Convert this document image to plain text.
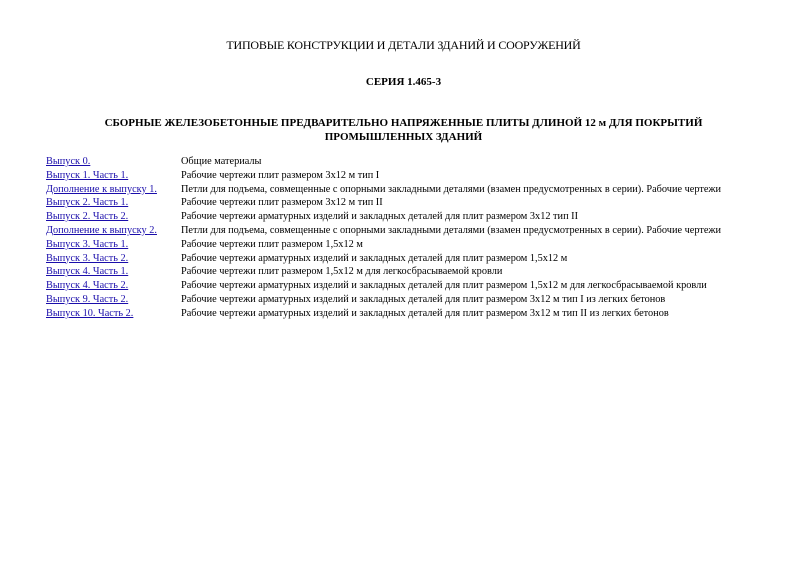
ТИПОВЫЕ КОНСТРУКЦИИ И ДЕТАЛИ ЗДАНИЙ И СООРУЖЕНИЙ
СЕРИЯ 1.465-3
СБОРНЫЕ ЖЕЛЕЗОБЕТОННЫЕ ПРЕДВАРИТЕЛЬНО НАПРЯЖЕННЫЕ ПЛИТЫ ДЛИНОЙ 12 м ДЛЯ ПОКРЫТИЙ ПРОМЫШЛЕННЫХ ЗДАНИЙ
Выпуск 0.	Общие материалы
Выпуск 1. Часть 1.	Рабочие чертежи плит размером 3х12 м тип I
Дополнение к выпуску 1.	Петли для подъема, совмещенные с опорными закладными деталями (взамен предусмотренных в серии). Рабочие чертежи
Выпуск 2. Часть 1.	Рабочие чертежи плит размером 3х12 м тип II
Выпуск 2. Часть 2.	Рабочие чертежи арматурных изделий и закладных деталей для плит размером 3х12 тип II
Дополнение к выпуску 2.	Петли для подъема, совмещенные с опорными закладными деталями (взамен предусмотренных в серии). Рабочие чертежи
Выпуск 3. Часть 1.	Рабочие чертежи плит размером 1,5х12 м
Выпуск 3. Часть 2.	Рабочие чертежи арматурных изделий и закладных деталей для плит размером 1,5х12 м
Выпуск 4. Часть 1.	Рабочие чертежи плит размером 1,5х12 м для легкосбрасываемой кровли
Выпуск 4. Часть 2.	Рабочие чертежи арматурных изделий и закладных деталей для плит размером 1,5х12 м для легкосбрасываемой кровли
Выпуск 9. Часть 2.	Рабочие чертежи арматурных изделий и закладных деталей для плит размером 3х12 м тип I из легких бетонов
Выпуск 10. Часть 2.	Рабочие чертежи арматурных изделий и закладных деталей для плит размером 3х12 м тип II из легких бетонов
